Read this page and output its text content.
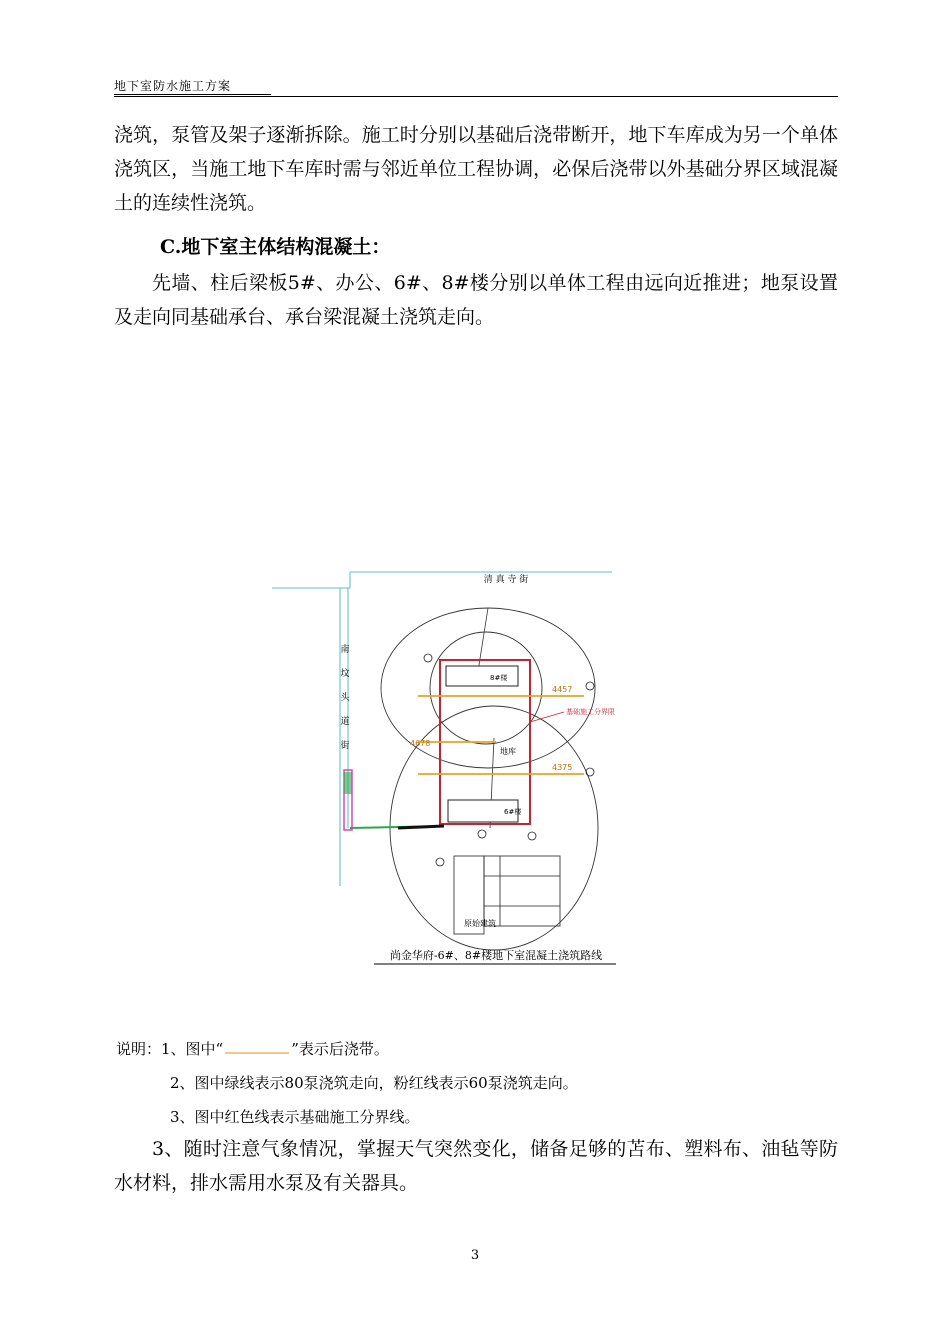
地下室防水施工方案

浇筑，泵管及架子逐渐拆除。施工时分别以基础后浇带断开，地下车库成为另一个单体浇筑区，当施工地下车库时需与邻近单位工程协调，必保后浇带以外基础分界区域混凝土的连续性浇筑。

C.地下室主体结构混凝土：

先墙、柱后梁板5#、办公、6#、8#楼分别以单体工程由远向近推进；地泵设置及走向同基础承台、承台梁混凝土浇筑走向。

清 真 寺 街
南
坟
头
道
街
8#楼
6#楼
地库
4457
4678
4375
基础施工分界限
原始建筑
尚金华府-6#、8#楼地下室混凝土浇筑路线
说明：1、图中“	”表示后浇带。
2、图中绿线表示80泵浇筑走向，粉红线表示60泵浇筑走向。
3、图中红色线表示基础施工分界线。

3、随时注意气象情况，掌握天气突然变化，储备足够的苫布、塑料布、油毡等防水材料，排水需用水泵及有关器具。

3
